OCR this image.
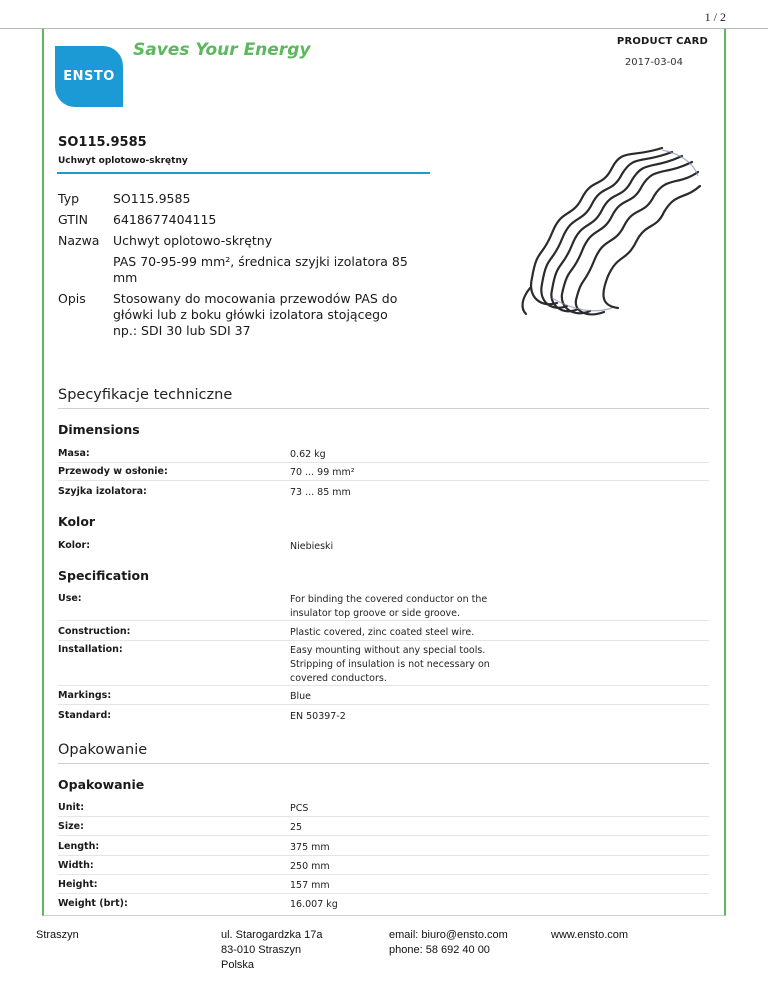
1 / 2
ENSTO
Saves Your Energy	PRODUCT CARD
2017-03-04
SO115.9585
Uchwyt oplotowo-skrętny
Typ	SO115.9585
GTIN	6418677404115
Nazwa	Uchwyt oplotowo-skrętny
PAS 70-95-99 mm², średnica szyjki izolatora 85
mm
Opis	Stosowany do mocowania przewodów PAS do
główki lub z boku główki izolatora stojącego
np.: SDI 30 lub SDI 37
Specyfikacje techniczne
Dimensions
Masa:	0.62 kg
Przewody w osłonie:	70 ... 99 mm²
Szyjka izolatora:	73 ... 85 mm
Kolor
Kolor:	Niebieski
Specification
Use:	For binding the covered conductor on the
insulator top groove or side groove.
Construction:	Plastic covered, zinc coated steel wire.
Installation:	Easy mounting without any special tools.
Stripping of insulation is not necessary on
covered conductors.
Markings:	Blue
Standard:	EN 50397-2
Opakowanie
Opakowanie
Unit:	PCS
Size:	25
Length:	375 mm
Width:	250 mm
Height:	157 mm
Weight (brt):	16.007 kg
Straszyn	ul. Starogardzka 17a
83-010 Straszyn
Polska
email: biuro@ensto.com
phone: 58 692 40 00
www.ensto.com
